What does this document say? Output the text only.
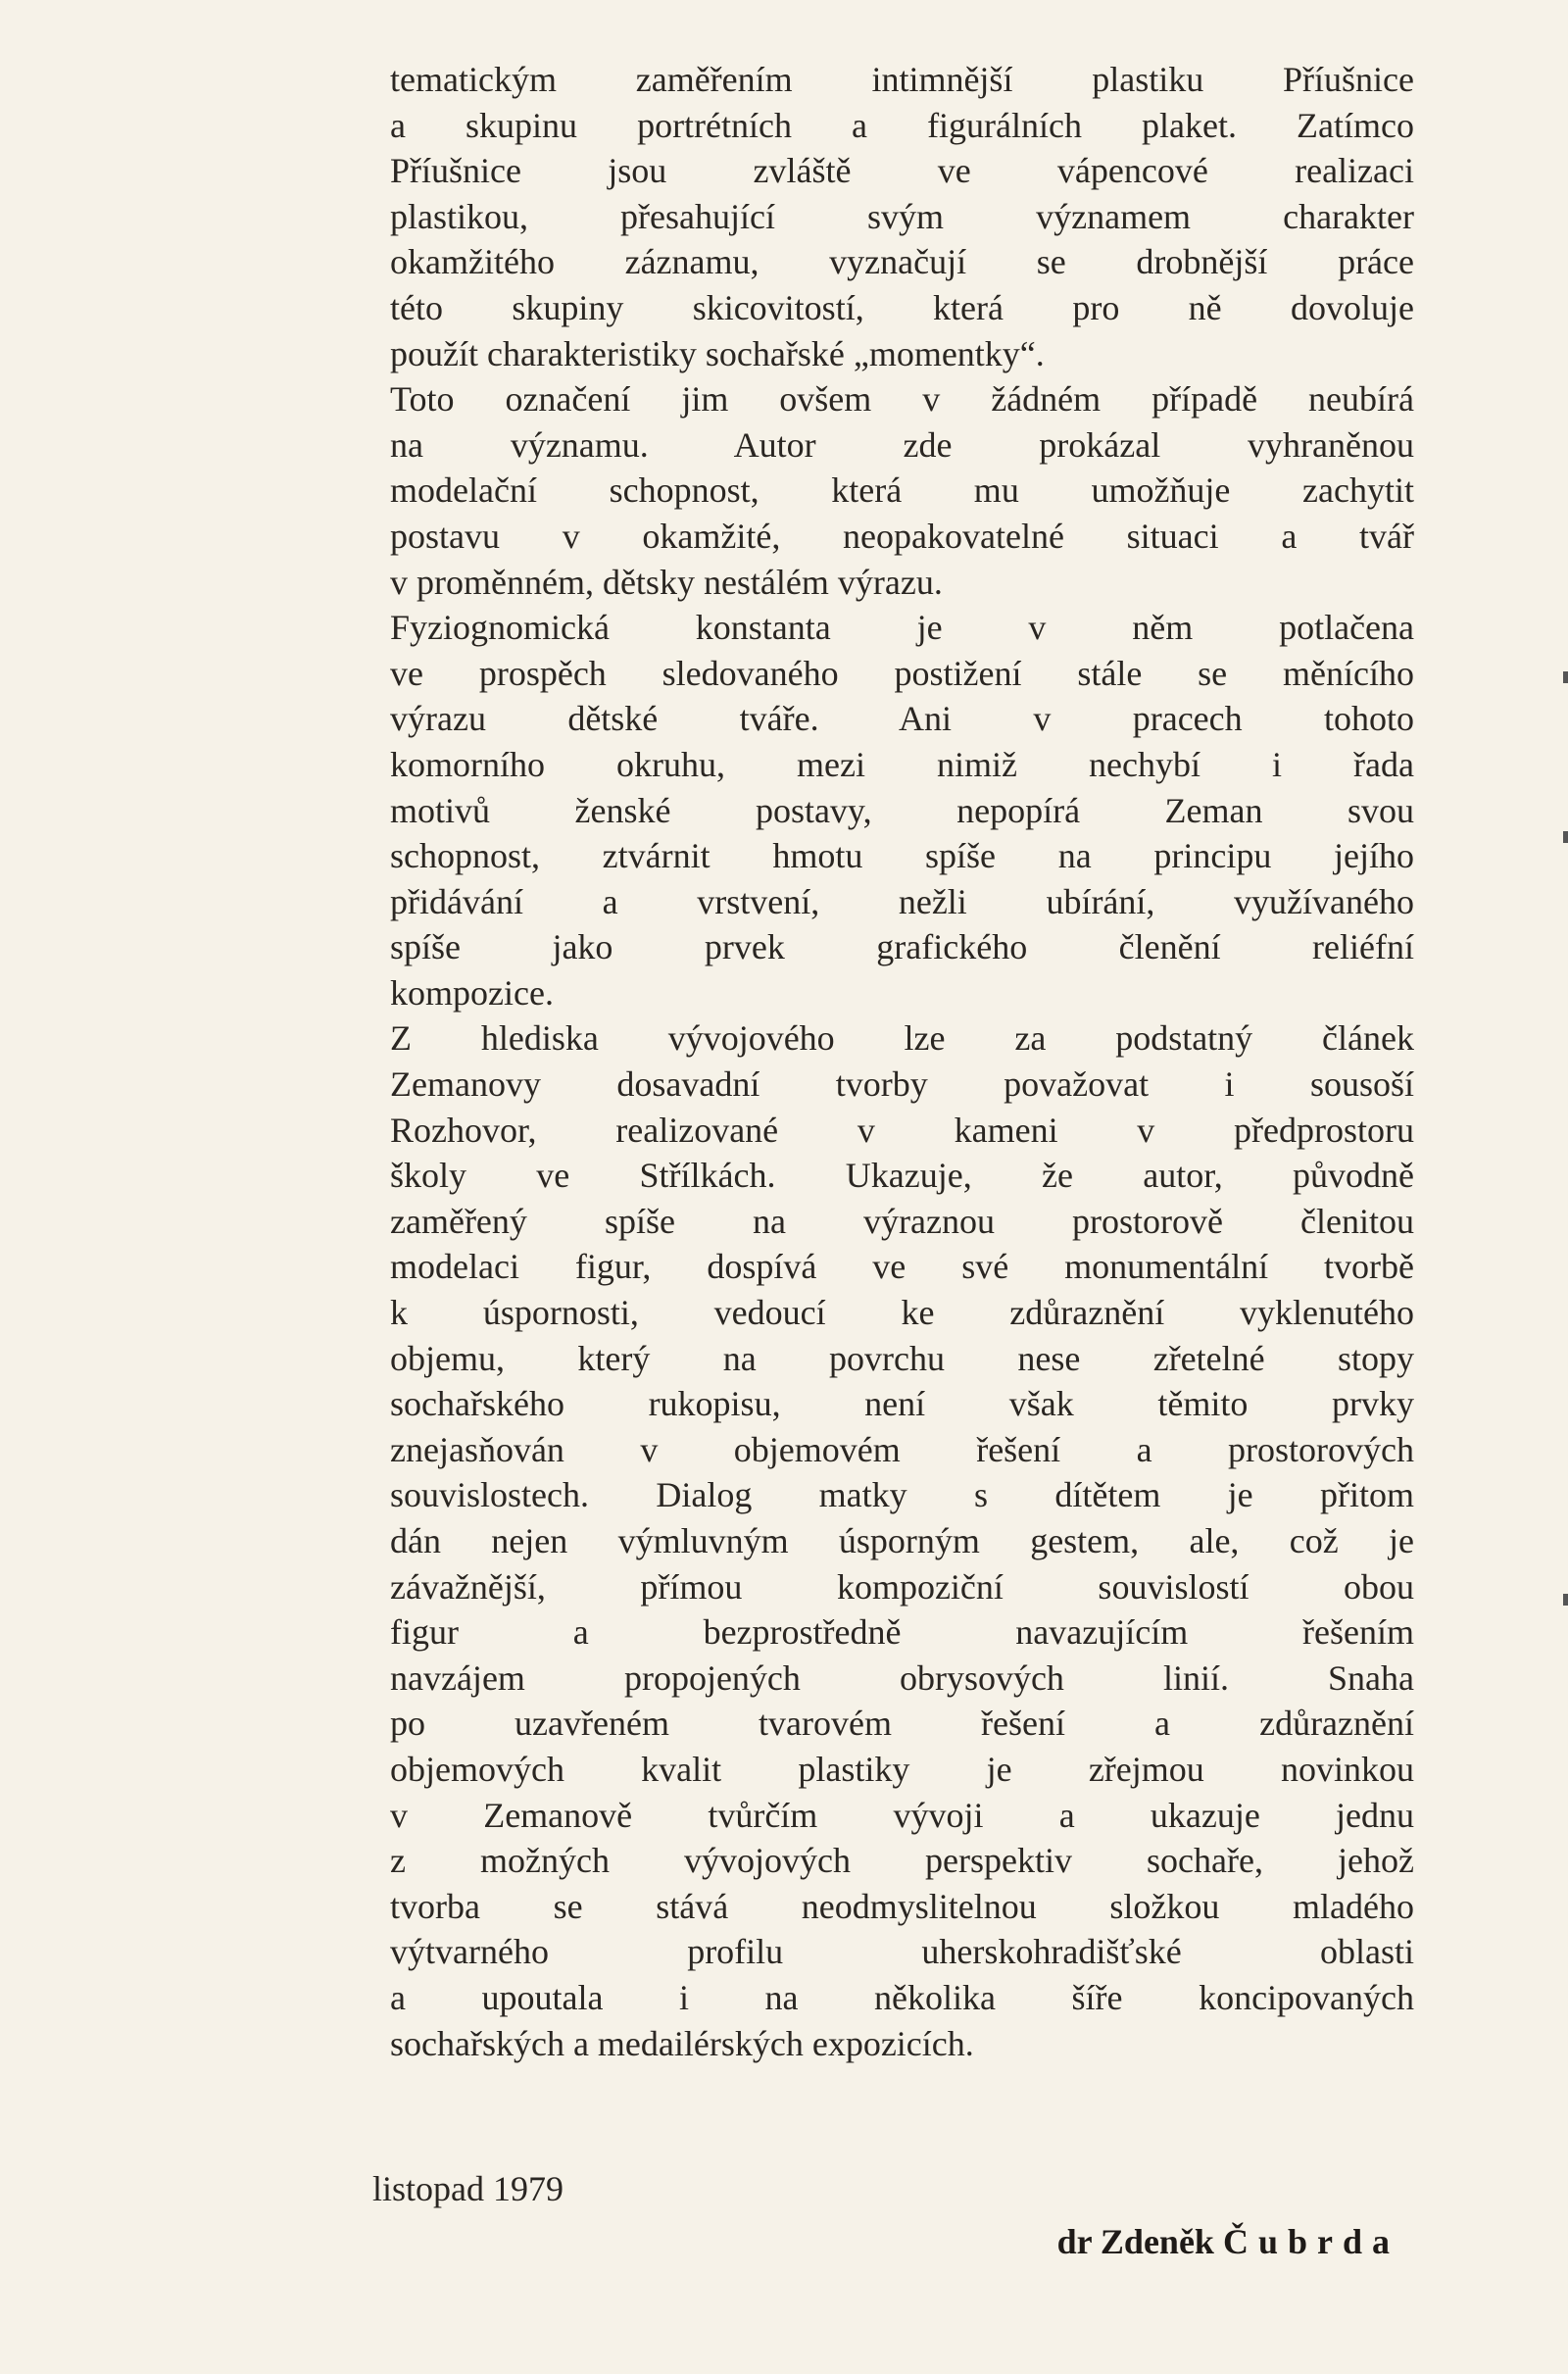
tematickým zaměřením intimnější plastiku Příušnice
a skupinu portrétních a figurálních plaket. Zatímco
Příušnice jsou zvláště ve vápencové realizaci
plastikou, přesahující svým významem charakter
okamžitého záznamu, vyznačují se drobnější práce
této skupiny skicovitostí, která pro ně dovoluje
použít charakteristiky sochařské „momentky“.
Toto označení jim ovšem v žádném případě neubírá
na významu. Autor zde prokázal vyhraněnou
modelační schopnost, která mu umožňuje zachytit
postavu v okamžité, neopakovatelné situaci a tvář
v proměnném, dětsky nestálém výrazu.
Fyziognomická konstanta je v něm potlačena
ve prospěch sledovaného postižení stále se měnícího
výrazu dětské tváře. Ani v pracech tohoto
komorního okruhu, mezi nimiž nechybí i řada
motivů ženské postavy, nepopírá Zeman svou
schopnost, ztvárnit hmotu spíše na principu jejího
přidávání a vrstvení, nežli ubírání, využívaného
spíše jako prvek grafického členění reliéfní
kompozice.
Z hlediska vývojového lze za podstatný článek
Zemanovy dosavadní tvorby považovat i sousoší
Rozhovor, realizované v kameni v předprostoru
školy ve Střílkách. Ukazuje, že autor, původně
zaměřený spíše na výraznou prostorově členitou
modelaci figur, dospívá ve své monumentální tvorbě
k úspornosti, vedoucí ke zdůraznění vyklenutého
objemu, který na povrchu nese zřetelné stopy
sochařského rukopisu, není však těmito prvky
znejasňován v objemovém řešení a prostorových
souvislostech. Dialog matky s dítětem je přitom
dán nejen výmluvným úsporným gestem, ale, což je
závažnější, přímou kompoziční souvislostí obou
figur a bezprostředně navazujícím řešením
navzájem propojených obrysových linií. Snaha
po uzavřeném tvarovém řešení a zdůraznění
objemových kvalit plastiky je zřejmou novinkou
v Zemanově tvůrčím vývoji a ukazuje jednu
z možných vývojových perspektiv sochaře, jehož
tvorba se stává neodmyslitelnou složkou mladého
výtvarného profilu uherskohradišťské oblasti
a upoutala i na několika šíře koncipovaných
sochařských a medailérských expozicích.
listopad 1979
dr Zdeněk Čubrda
